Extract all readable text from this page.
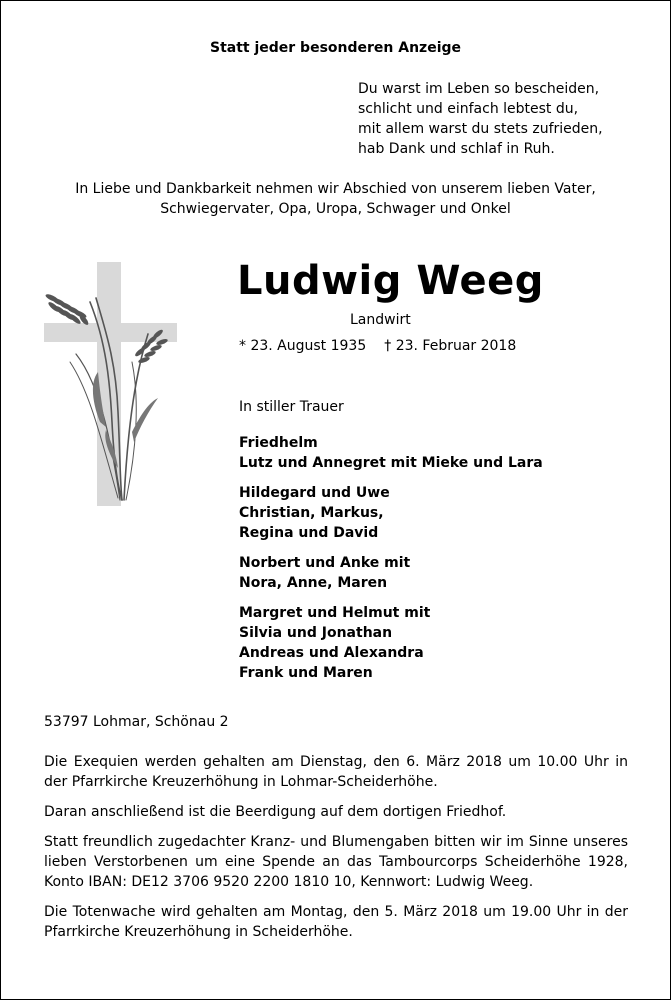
Statt jeder besonderen Anzeige
Du warst im Leben so bescheiden,
schlicht und einfach lebtest du,
mit allem warst du stets zufrieden,
hab Dank und schlaf in Ruh.
In Liebe und Dankbarkeit nehmen wir Abschied von unserem lieben Vater,
Schwiegervater, Opa, Uropa, Schwager und Onkel
Ludwig Weeg
Landwirt
* 23. August 1935 † 23. Februar 2018
In stiller Trauer
Friedhelm
Lutz und Annegret mit Mieke und Lara
Hildegard und Uwe
Christian, Markus,
Regina und David
Norbert und Anke mit
Nora, Anne, Maren
Margret und Helmut mit
Silvia und Jonathan
Andreas und Alexandra
Frank und Maren
53797 Lohmar, Schönau 2

Die Exequien werden gehalten am Dienstag, den 6. März 2018 um 10.00 Uhr in der Pfarrkirche Kreuzerhöhung in Lohmar-Scheiderhöhe.

Daran anschließend ist die Beerdigung auf dem dortigen Friedhof.

Statt freundlich zugedachter Kranz- und Blumengaben bitten wir im Sinne unseres lieben Verstorbenen um eine Spende an das Tambourcorps Scheiderhöhe 1928, Konto IBAN: DE12 3706 9520 2200 1810 10, Kennwort: Ludwig Weeg.

Die Totenwache wird gehalten am Montag, den 5. März 2018 um 19.00 Uhr in der Pfarrkirche Kreuzerhöhung in Scheiderhöhe.
